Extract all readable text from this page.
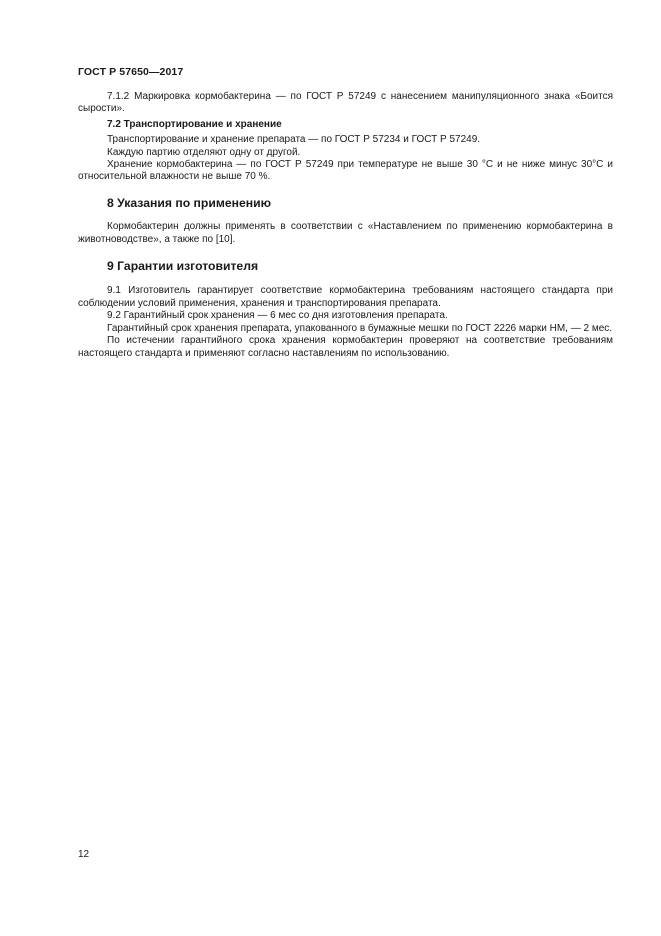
ГОСТ Р 57650—2017

7.1.2 Маркировка кормобактерина — по ГОСТ Р 57249 с нанесением манипуляционного знака «Боится сырости».

7.2 Транспортирование и хранение

Транспортирование и хранение препарата — по ГОСТ Р 57234 и ГОСТ Р 57249.

Каждую партию отделяют одну от другой.

Хранение кормобактерина — по ГОСТ Р 57249 при температуре не выше 30 °С и не ниже минус 30°С и относительной влажности не выше 70 %.

8 Указания по применению

Кормобактерин должны применять в соответствии с «Наставлением по применению кормобактерина в животноводстве», а также по [10].

9 Гарантии изготовителя

9.1 Изготовитель гарантирует соответствие кормобактерина требованиям настоящего стандарта при соблюдении условий применения, хранения и транспортирования препарата.

9.2 Гарантийный срок хранения — 6 мес со дня изготовления препарата.

Гарантийный срок хранения препарата, упакованного в бумажные мешки по ГОСТ 2226 марки НМ, — 2 мес.

По истечении гарантийного срока хранения кормобактерин проверяют на соответствие требованиям настоящего стандарта и применяют согласно наставлениям по использованию.

12
